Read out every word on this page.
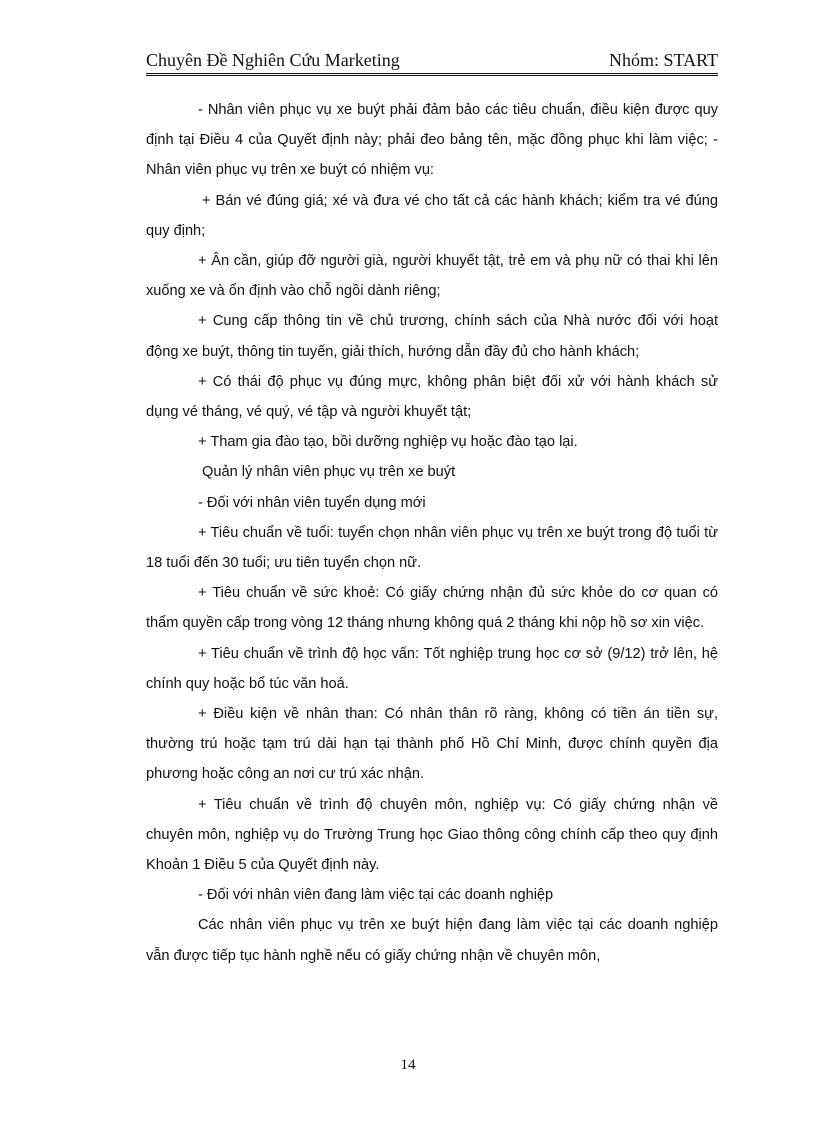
Chuyên Đề Nghiên Cứu Marketing	Nhóm: START

- Nhân viên phục vụ xe buýt phải đảm bảo các tiêu chuẩn, điều kiện được quy định tại Điều 4 của Quyết định này; phải đeo bảng tên, mặc đồng phục khi làm việc; - Nhân viên phục vụ trên xe buýt có nhiệm vụ:

+ Bán vé đúng giá; xé và đưa vé cho tất cả các hành khách; kiểm tra vé đúng quy định;

+ Ân cần, giúp đỡ người già, người khuyết tật, trẻ em và phụ nữ có thai khi lên xuống xe và ổn định vào chỗ ngồi dành riêng;

+ Cung cấp thông tin về chủ trương, chính sách của Nhà nước đối với hoạt động xe buýt, thông tin tuyến, giải thích, hướng dẫn đầy đủ cho hành khách;

+ Có thái độ phục vụ đúng mực, không phân biệt đối xử với hành khách sử dụng vé tháng, vé quý, vé tập và người khuyết tật;

+ Tham gia đào tạo, bồi dưỡng nghiệp vụ hoặc đào tạo lại.

Quản lý nhân viên phục vụ trên xe buýt

- Đối với nhân viên tuyển dụng mới

+ Tiêu chuẩn về tuổi: tuyển chọn nhân viên phục vụ trên xe buýt trong độ tuổi từ 18 tuổi đến 30 tuổi; ưu tiên tuyển chọn nữ.

+ Tiêu chuẩn về sức khoẻ: Có giấy chứng nhận đủ sức khỏe do cơ quan có thẩm quyền cấp trong vòng 12 tháng nhưng không quá 2 tháng khi nộp hồ sơ xin việc.

+ Tiêu chuẩn về trình độ học vấn: Tốt nghiệp trung học cơ sở (9/12) trở lên, hệ chính quy hoặc bổ túc văn hoá.

+ Điều kiện về nhân than: Có nhân thân rõ ràng, không có tiền án tiền sự, thường trú hoặc tạm trú dài hạn tại thành phố Hồ Chí Minh, được chính quyền địa phương hoặc công an nơi cư trú xác nhận.

+ Tiêu chuẩn về trình độ chuyên môn, nghiệp vụ: Có giấy chứng nhận về chuyên môn, nghiệp vụ do Trường Trung học Giao thông công chính cấp theo quy định Khoản 1 Điều 5 của Quyết định này.

- Đối với nhân viên đang làm việc tại các doanh nghiệp

Các nhân viên phục vụ trên xe buýt hiện đang làm việc tại các doanh nghiệp vẫn được tiếp tục hành nghề nếu có giấy chứng nhận về chuyên môn,

14
